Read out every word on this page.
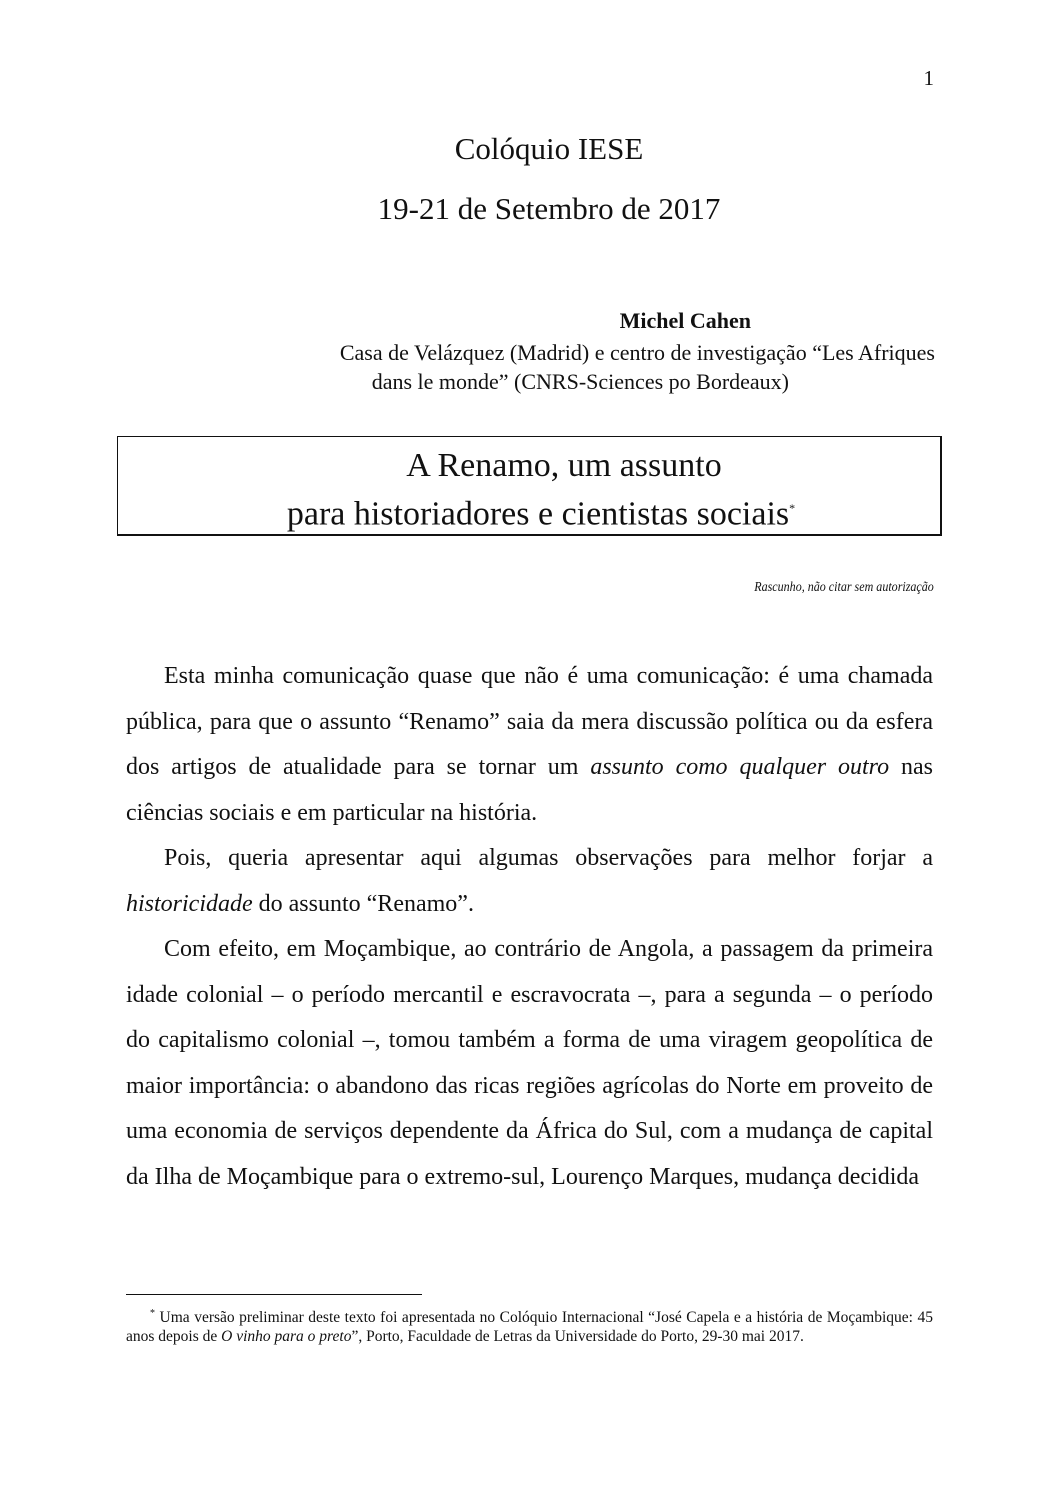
1
Colóquio IESE
19-21 de Setembro de 2017
Michel Cahen
Casa de Velázquez (Madrid) e centro de investigação “Les Afriques
dans le monde” (CNRS-Sciences po Bordeaux)
A Renamo, um assunto
para historiadores e cientistas sociais*
Rascunho, não citar sem autorização

Esta minha comunicação quase que não é uma comunicação: é uma chamada pública, para que o assunto “Renamo” saia da mera discussão política ou da esfera dos artigos de atualidade para se tornar um assunto como qualquer outro nas ciências sociais e em particular na história.

Pois, queria apresentar aqui algumas observações para melhor forjar a historicidade do assunto “Renamo”.

Com efeito, em Moçambique, ao contrário de Angola, a passagem da primeira idade colonial – o período mercantil e escravocrata –, para a segunda – o período do capitalismo colonial –, tomou também a forma de uma viragem geopolítica de maior importância: o abandono das ricas regiões agrícolas do Norte em proveito de uma economia de serviços dependente da África do Sul, com a mudança de capital da Ilha de Moçambique para o extremo-sul, Lourenço Marques, mudança decidida

* Uma versão preliminar deste texto foi apresentada no Colóquio Internacional “José Capela e a história de Moçambique: 45 anos depois de O vinho para o preto”, Porto, Faculdade de Letras da Universidade do Porto, 29-30 mai 2017.
